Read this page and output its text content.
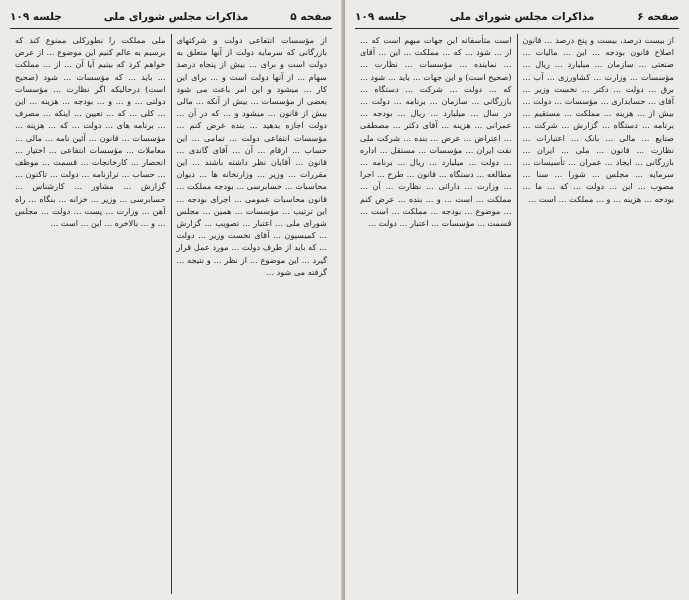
صفحه ۵
مذاکرات مجلس شورای ملی
جلسه ۱۰۹

از مؤسسات انتفاعی دولت و شرکتهای بازرگانی که سرمایه دولت از آنها متعلق به دولت است و برای ... بیش از پنجاه درصد سهام ... از آنها دولت است و ... برای این کار ... میشود و این امر باعث می شود بعضی از مؤسسات ... بیش از آنکه ... مالی بیش از قانون ... میشود و ... که در آن ... دولت اجازه بدهید ... بنده عرض کنم ... مؤسسات انتفاعی دولت ... تمامی ... این حساب ... ارقام ... آن ... آقای گاندی ... قانون ... آقایان نظر داشته باشند ... این مقررات ... وزیر ... وزارتخانه ها ... دیوان محاسبات ... حسابرسی ... بودجه مملکت ... قانون محاسبات عمومی ... اجرای بودجه ... این ترتیب ... مؤسسات ... همین ... مجلس شورای ملی ... اعتبار ... تصویب ... گزارش ... کمیسیون ... آقای نخست وزیر ... دولت ... که باید از طرف دولت ... مورد عمل قرار گیرد ... این موضوع ... از نظر ... و نتیجه ... گرفته می شود ...

ملی مملکت را نطورکلی ممنوع کند که برسیم به عالم کنیم این موضوع ... از عرض خواهم کرد که بینیم آیا آن ... از ... مملکت ... باید ... که مؤسسات ... شود (صحیح است) درحالیکه اگر نظارت ... مؤسسات دولتی ... و ... و ... بودجه ... هزینه ... این ... کلی ... که ... تعیین ... اینکه ... مصرف ... برنامه های ... دولت ... که ... هزینه ... مؤسسات ... قانون ... آئین نامه ... مالی ... معاملات ... مؤسسات انتفاعی ... اختیار ... انحصار ... کارخانجات ... قسمت ... موظف ... حساب ... ترازنامه ... دولت ... تاکنون ... گزارش ... مشاور ... کارشناس ... حسابرسی ... وزیر ... خزانه ... بنگاه ... راه آهن ... وزارت ... پست ... دولت ... مجلس ... و ... بالاخره ... این ... است ...

صفحه ۶
مذاکرات مجلس شورای ملی
جلسه ۱۰۹

از بیست درصد، بیست و پنج درصد ... قانون اصلاح قانون بودجه ... این ... مالیات ... صنعتی ... سازمان ... میلیارد ... ریال ... مؤسسات ... وزارت ... کشاورزی ... آب ... برق ... دولت ... دکتر ... نخست وزیر ... آقای ... حسابداری ... مؤسسات ... دولت ... بیش از ... هزینه ... مملکت ... مستقیم ... برنامه ... دستگاه ... گزارش ... شرکت ... صنایع ... مالی ... بانک ... اعتبارات ... نظارت ... قانون ... ملی ... ایران ... بازرگانی ... ایجاد ... عمران ... تأسیسات ... سرمایه ... مجلس ... شورا ... سنا ... مصوب ... این ... دولت ... که ... ما ... بودجه ... هزینه ... و ... مملکت ... است ...

است متأسفانه این جهات مبهم است که ... از ... شود ... که ... مملکت ... این ... آقای ... نماینده ... مؤسسات ... نظارت ... (صحیح است) و این جهات ... باید ... شود ... که ... دولت ... شرکت ... دستگاه ... بازرگانی ... سازمان ... برنامه ... دولت ... در سال ... میلیارد ... ریال ... بودجه ... عمرانی ... هزینه ... آقای دکتر ... مصطفی ... اعتراض ... عرض ... بنده ... شرکت ملی نفت ایران ... مؤسسات ... مستقل ... اداره ... دولت ... میلیارد ... ریال ... برنامه ... مطالعه ... دستگاه ... قانون ... طرح ... اجرا ... وزارت ... دارائی ... نظارت ... آن ... مملکت ... است ... و ... بنده ... عرض کنم ... موضوع ... بودجه ... مملکت ... است ... قسمت ... مؤسسات ... اعتبار ... دولت ...
